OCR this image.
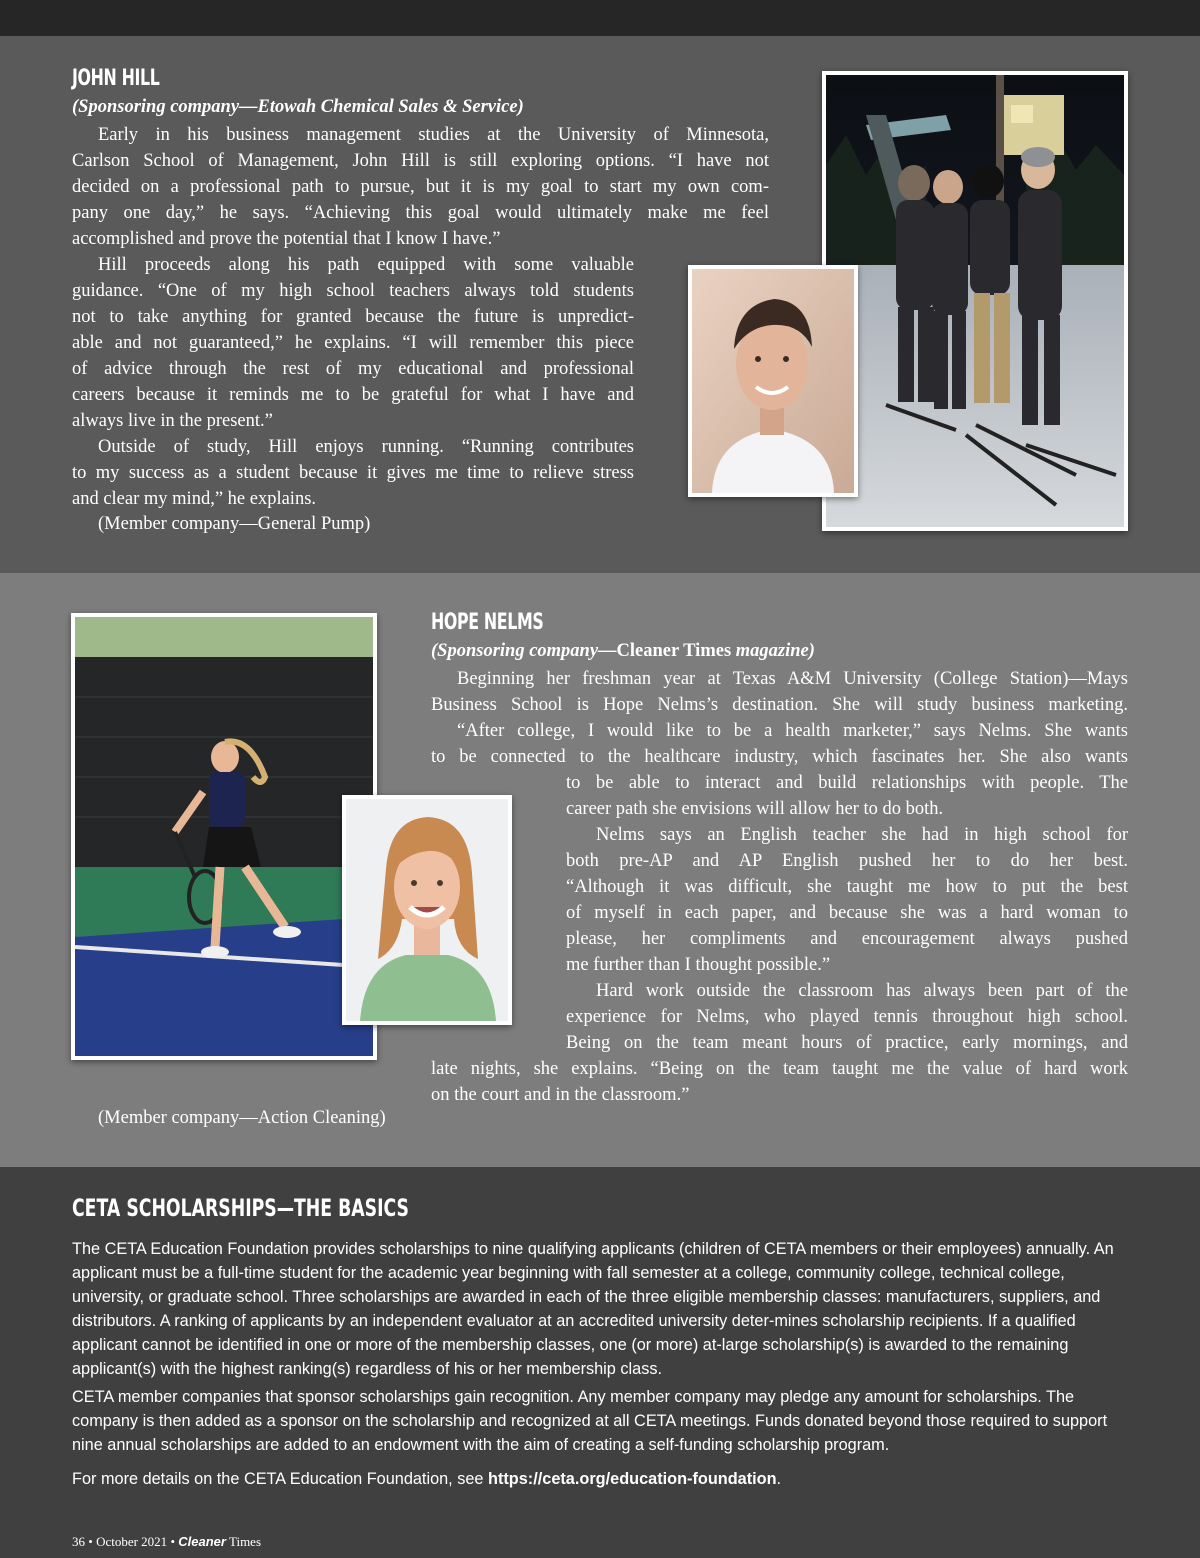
JOHN HILL
(Sponsoring company—Etowah Chemical Sales & Service)
Early in his business management studies at the University of Minnesota,
Carlson School of Management, John Hill is still exploring options. “I have not
decided on a professional path to pursue, but it is my goal to start my own com-
pany one day,” he says. “Achieving this goal would ultimately make me feel
accomplished and prove the potential that I know I have.”
Hill proceeds along his path equipped with some valuable
guidance. “One of my high school teachers always told students
not to take anything for granted because the future is unpredict-
able and not guaranteed,” he explains. “I will remember this piece
of advice through the rest of my educational and professional
careers because it reminds me to be grateful for what I have and
always live in the present.”
Outside of study, Hill enjoys running. “Running contributes
to my success as a student because it gives me time to relieve stress
and clear my mind,” he explains.
(Member company—General Pump)
HOPE NELMS
(Sponsoring company—Cleaner Times magazine)
Beginning her freshman year at Texas A&M University (College Station)—Mays
Business School is Hope Nelms’s destination. She will study business marketing.
“After college, I would like to be a health marketer,” says Nelms. She wants
to be connected to the healthcare industry, which fascinates her. She also wants
to be able to interact and build relationships with people. The
career path she envisions will allow her to do both.
Nelms says an English teacher she had in high school for
both pre-AP and AP English pushed her to do her best.
“Although it was difficult, she taught me how to put the best
of myself in each paper, and because she was a hard woman to
please, her compliments and encouragement always pushed
me further than I thought possible.”
Hard work outside the classroom has always been part of the
experience for Nelms, who played tennis throughout high school.
Being on the team meant hours of practice, early mornings, and
late nights, she explains. “Being on the team taught me the value of hard work
on the court and in the classroom.”
(Member company—Action Cleaning)
CETA SCHOLARSHIPS—THE BASICS

The CETA Education Foundation provides scholarships to nine qualifying applicants (children of CETA members or their employees) annually. An applicant must be a full-time student for the academic year beginning with fall semester at a college, community college, technical college, university, or graduate school. Three scholarships are awarded in each of the three eligible membership classes: manufacturers, suppliers, and distributors. A ranking of applicants by an independent evaluator at an accredited university deter-mines scholarship recipients. If a qualified applicant cannot be identified in one or more of the membership classes, one (or more) at-large scholarship(s) is awarded to the remaining applicant(s) with the highest ranking(s) regardless of his or her membership class.

CETA member companies that sponsor scholarships gain recognition. Any member company may pledge any amount for scholarships. The company is then added as a sponsor on the scholarship and recognized at all CETA meetings. Funds donated beyond those required to support nine annual scholarships are added to an endowment with the aim of creating a self-funding scholarship program.

For more details on the CETA Education Foundation, see https://ceta.org/education-foundation.

36 • October 2021 • Cleaner Times
